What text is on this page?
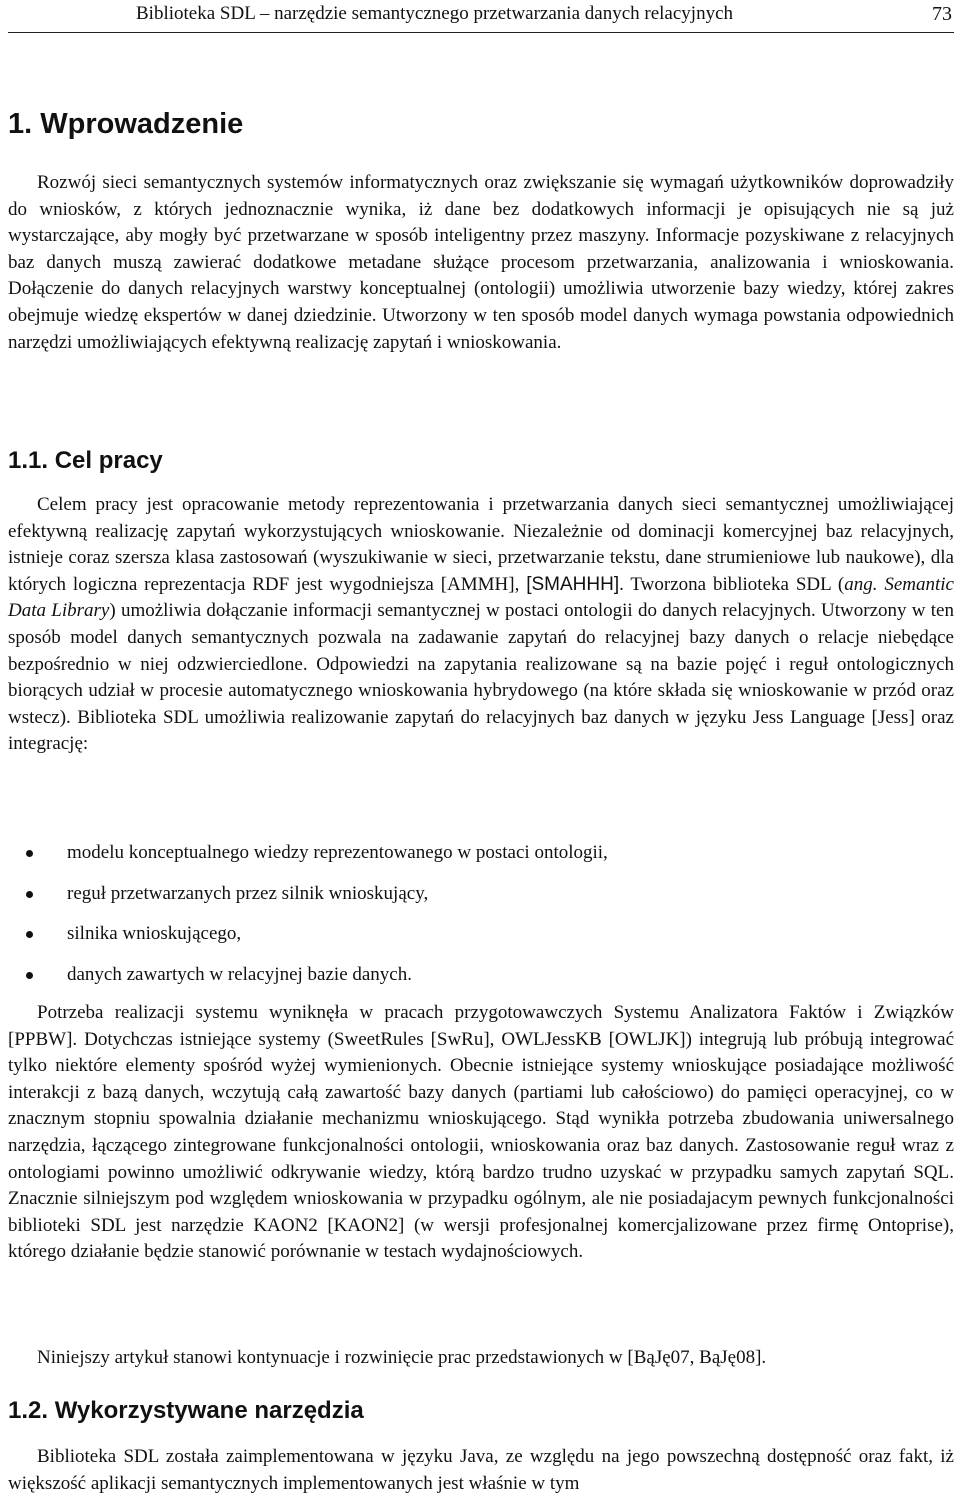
Biblioteka SDL – narzędzie semantycznego przetwarzania danych relacyjnych	73
1. Wprowadzenie

Rozwój sieci semantycznych systemów informatycznych oraz zwiększanie się wymagań użytkowników doprowadziły do wniosków, z których jednoznacznie wynika, iż dane bez dodatkowych informacji je opisujących nie są już wystarczające, aby mogły być przetwarzane w sposób inteligentny przez maszyny. Informacje pozyskiwane z relacyjnych baz danych muszą zawierać dodatkowe metadane służące procesom przetwarzania, analizowania i wnioskowania. Dołączenie do danych relacyjnych warstwy konceptualnej (ontologii) umożliwia utworzenie bazy wiedzy, której zakres obejmuje wiedzę ekspertów w danej dziedzinie. Utworzony w ten sposób model danych wymaga powstania odpowiednich narzędzi umożliwiających efektywną realizację zapytań i wnioskowania.

1.1. Cel pracy

Celem pracy jest opracowanie metody reprezentowania i przetwarzania danych sieci semantycznej umożliwiającej efektywną realizację zapytań wykorzystujących wnioskowanie. Niezależnie od dominacji komercyjnej baz relacyjnych, istnieje coraz szersza klasa zastosowań (wyszukiwanie w sieci, przetwarzanie tekstu, dane strumieniowe lub naukowe), dla których logiczna reprezentacja RDF jest wygodniejsza [AMMH], [SMAHHH]. Tworzona biblioteka SDL (ang. Semantic Data Library) umożliwia dołączanie informacji semantycznej w postaci ontologii do danych relacyjnych. Utworzony w ten sposób model danych semantycznych pozwala na zadawanie zapytań do relacyjnej bazy danych o relacje niebędące bezpośrednio w niej odzwierciedlone. Odpowiedzi na zapytania realizowane są na bazie pojęć i reguł ontologicznych biorących udział w procesie automatycznego wnioskowania hybrydowego (na które składa się wnioskowanie w przód oraz wstecz). Biblioteka SDL umożliwia realizowanie zapytań do relacyjnych baz danych w języku Jess Language [Jess] oraz integrację:

modelu konceptualnego wiedzy reprezentowanego w postaci ontologii,
reguł przetwarzanych przez silnik wnioskujący,
silnika wnioskującego,
danych zawartych w relacyjnej bazie danych.

Potrzeba realizacji systemu wyniknęła w pracach przygotowawczych Systemu Analizatora Faktów i Związków [PPBW]. Dotychczas istniejące systemy (SweetRules [SwRu], OWLJessKB [OWLJK]) integrują lub próbują integrować tylko niektóre elementy spośród wyżej wymienionych. Obecnie istniejące systemy wnioskujące posiadające możliwość interakcji z bazą danych, wczytują całą zawartość bazy danych (partiami lub całościowo) do pamięci operacyjnej, co w znacznym stopniu spowalnia działanie mechanizmu wnioskującego. Stąd wynikła potrzeba zbudowania uniwersalnego narzędzia, łączącego zintegrowane funkcjonalności ontologii, wnioskowania oraz baz danych. Zastosowanie reguł wraz z ontologiami powinno umożliwić odkrywanie wiedzy, którą bardzo trudno uzyskać w przypadku samych zapytań SQL. Znacznie silniejszym pod względem wnioskowania w przypadku ogólnym, ale nie posiadajacym pewnych funkcjonalności biblioteki SDL jest narzędzie KAON2 [KAON2] (w wersji profesjonalnej komercjalizowane przez firmę Ontoprise), którego działanie będzie stanowić porównanie w testach wydajnościowych.

Niniejszy artykuł stanowi kontynuacje i rozwinięcie prac przedstawionych w [BąJę07, BąJę08].

1.2. Wykorzystywane narzędzia

Biblioteka SDL została zaimplementowana w języku Java, ze względu na jego powszechną dostępność oraz fakt, iż większość aplikacji semantycznych implementowanych jest właśnie w tym
